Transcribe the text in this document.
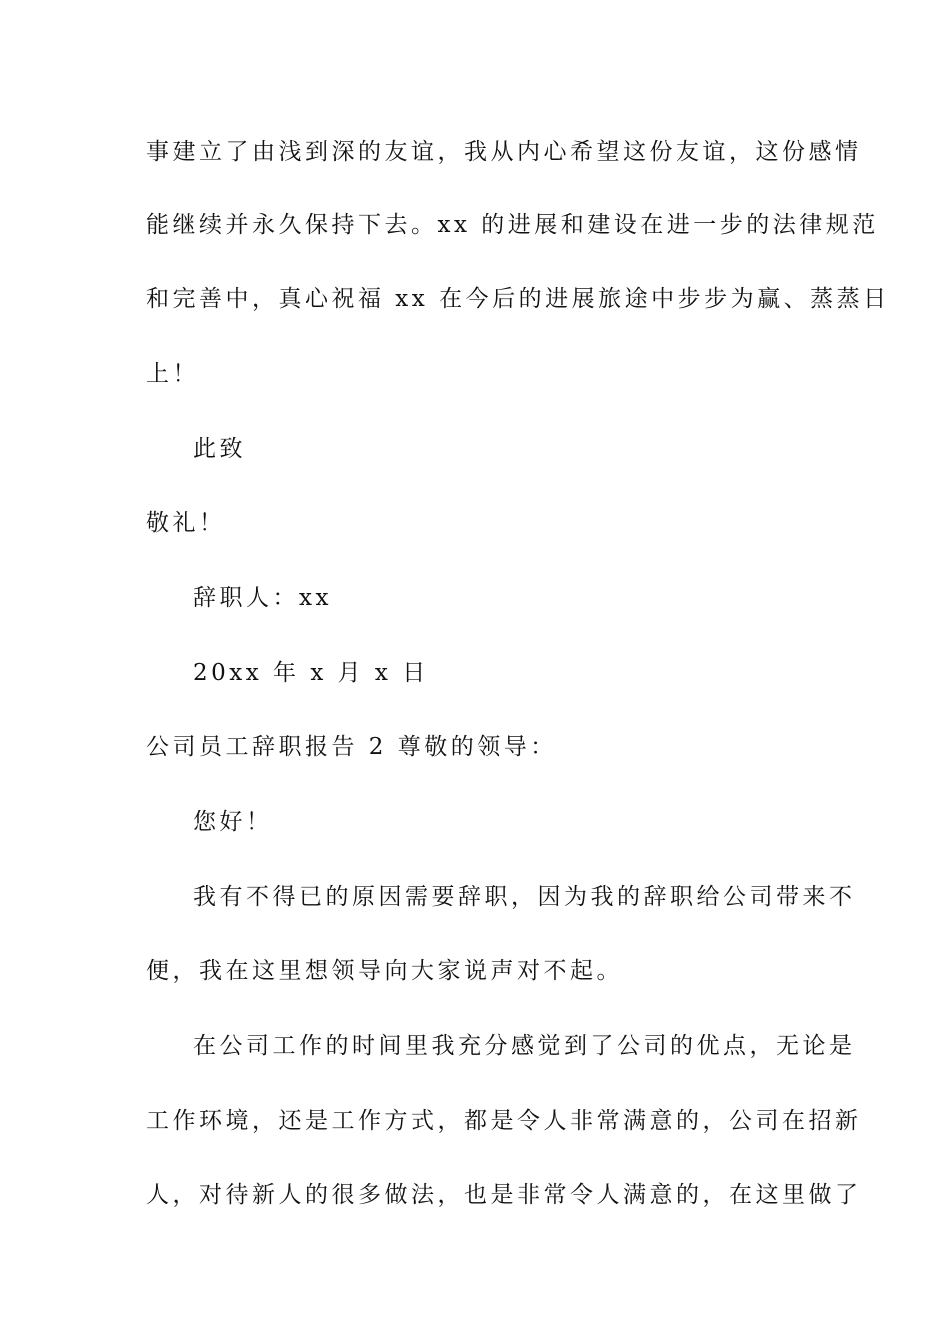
事建立了由浅到深的友谊，我从内心希望这份友谊，这份感情
能继续并永久保持下去。xx 的进展和建设在进一步的法律规范
和完善中，真心祝福 xx 在今后的进展旅途中步步为赢、蒸蒸日
上！
此致
敬礼！
辞职人：xx
20xx 年 x 月 x 日
公司员工辞职报告 2 尊敬的领导：
您好！
我有不得已的原因需要辞职，因为我的辞职给公司带来不
便，我在这里想领导向大家说声对不起。
在公司工作的时间里我充分感觉到了公司的优点，无论是
工作环境，还是工作方式，都是令人非常满意的，公司在招新
人，对待新人的很多做法，也是非常令人满意的，在这里做了
